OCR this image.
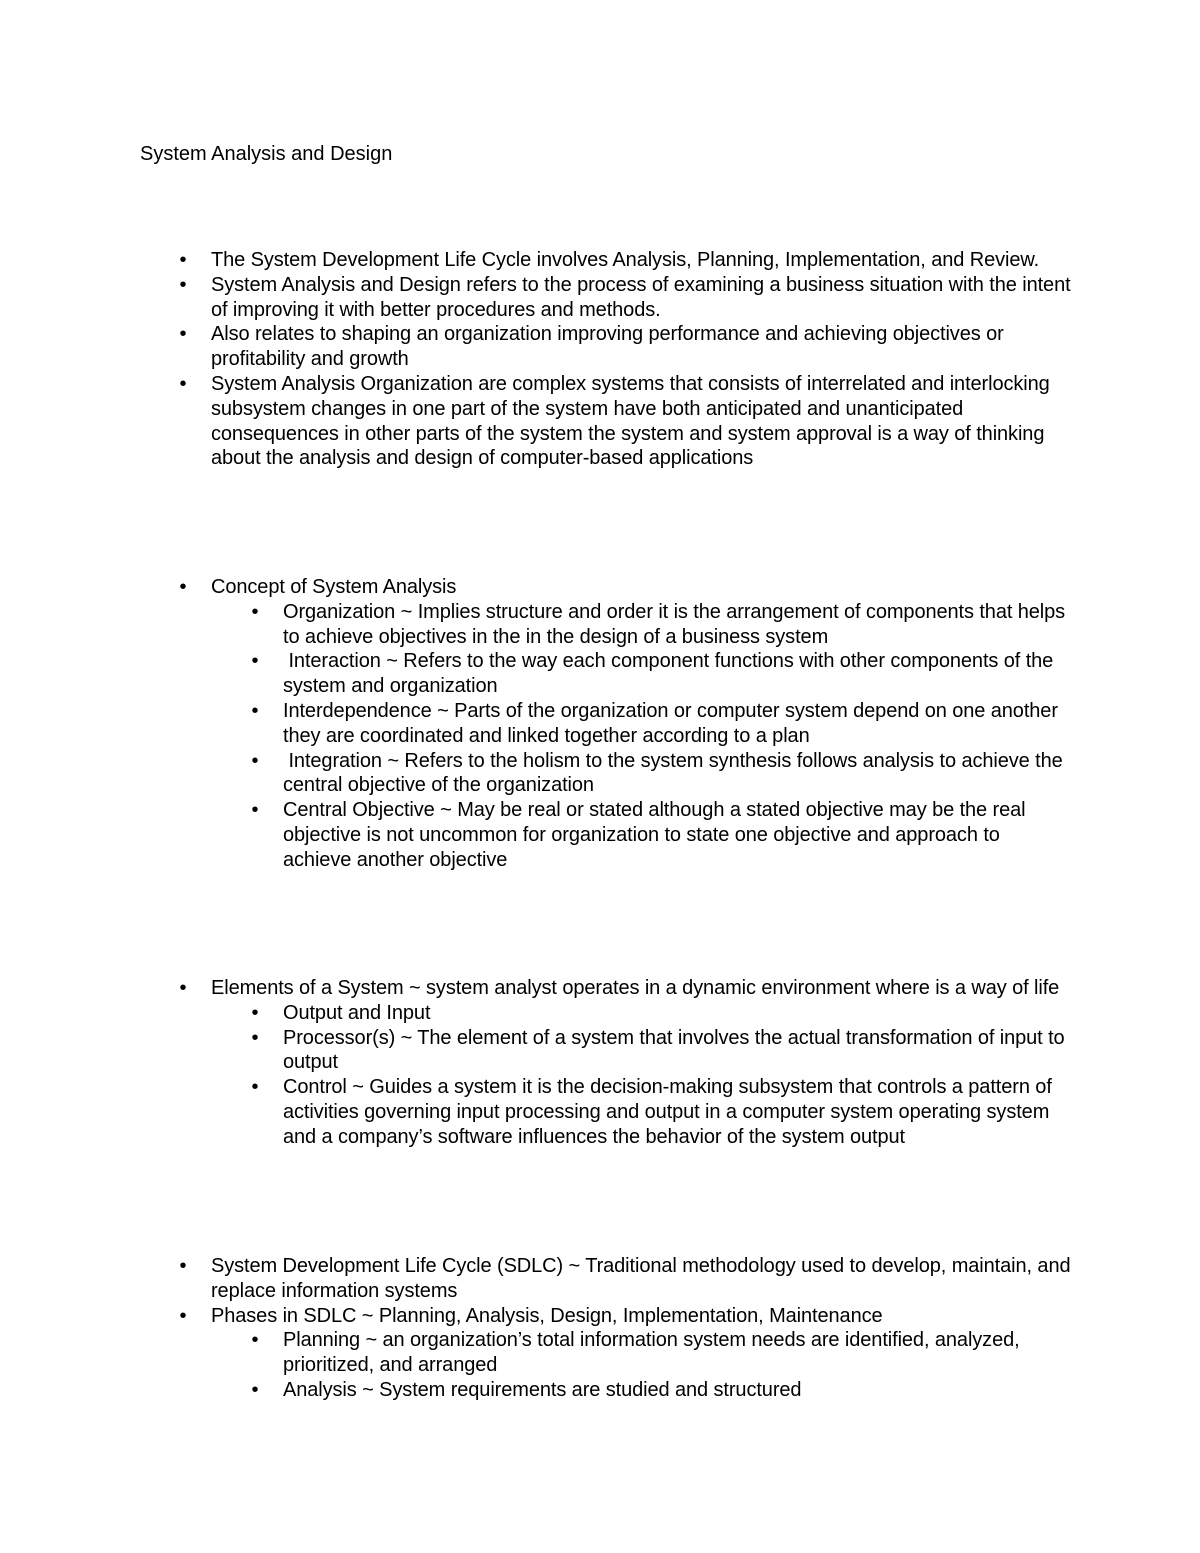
System Analysis and Design
•	The System Development Life Cycle involves Analysis, Planning, Implementation, and Review.
•	System Analysis and Design refers to the process of examining a business situation with the intent of improving it with better procedures and methods.
•	Also relates to shaping an organization improving performance and achieving objectives or profitability and growth
•	System Analysis Organization are complex systems that consists of interrelated and interlocking subsystem changes in one part of the system have both anticipated and unanticipated consequences in other parts of the system the system and system approval is a way of thinking about the analysis and design of computer-based applications
•	Concept of System Analysis
•	Organization ~ Implies structure and order it is the arrangement of components that helps to achieve objectives in the in the design of a business system
•	Interaction ~ Refers to the way each component functions with other components of the system and organization
•	Interdependence ~ Parts of the organization or computer system depend on one another they are coordinated and linked together according to a plan
•	Integration ~ Refers to the holism to the system synthesis follows analysis to achieve the central objective of the organization
•	Central Objective ~ May be real or stated although a stated objective may be the real objective is not uncommon for organization to state one objective and approach to achieve another objective
•	Elements of a System ~ system analyst operates in a dynamic environment where is a way of life
•	Output and Input
•	Processor(s) ~ The element of a system that involves the actual transformation of input to output
•	Control ~ Guides a system it is the decision-making subsystem that controls a pattern of activities governing input processing and output in a computer system operating system and a company’s software influences the behavior of the system output
•	System Development Life Cycle (SDLC) ~ Traditional methodology used to develop, maintain, and replace information systems
•	Phases in SDLC ~ Planning, Analysis, Design, Implementation, Maintenance
•	Planning ~ an organization’s total information system needs are identified, analyzed, prioritized, and arranged
•	Analysis ~ System requirements are studied and structured
